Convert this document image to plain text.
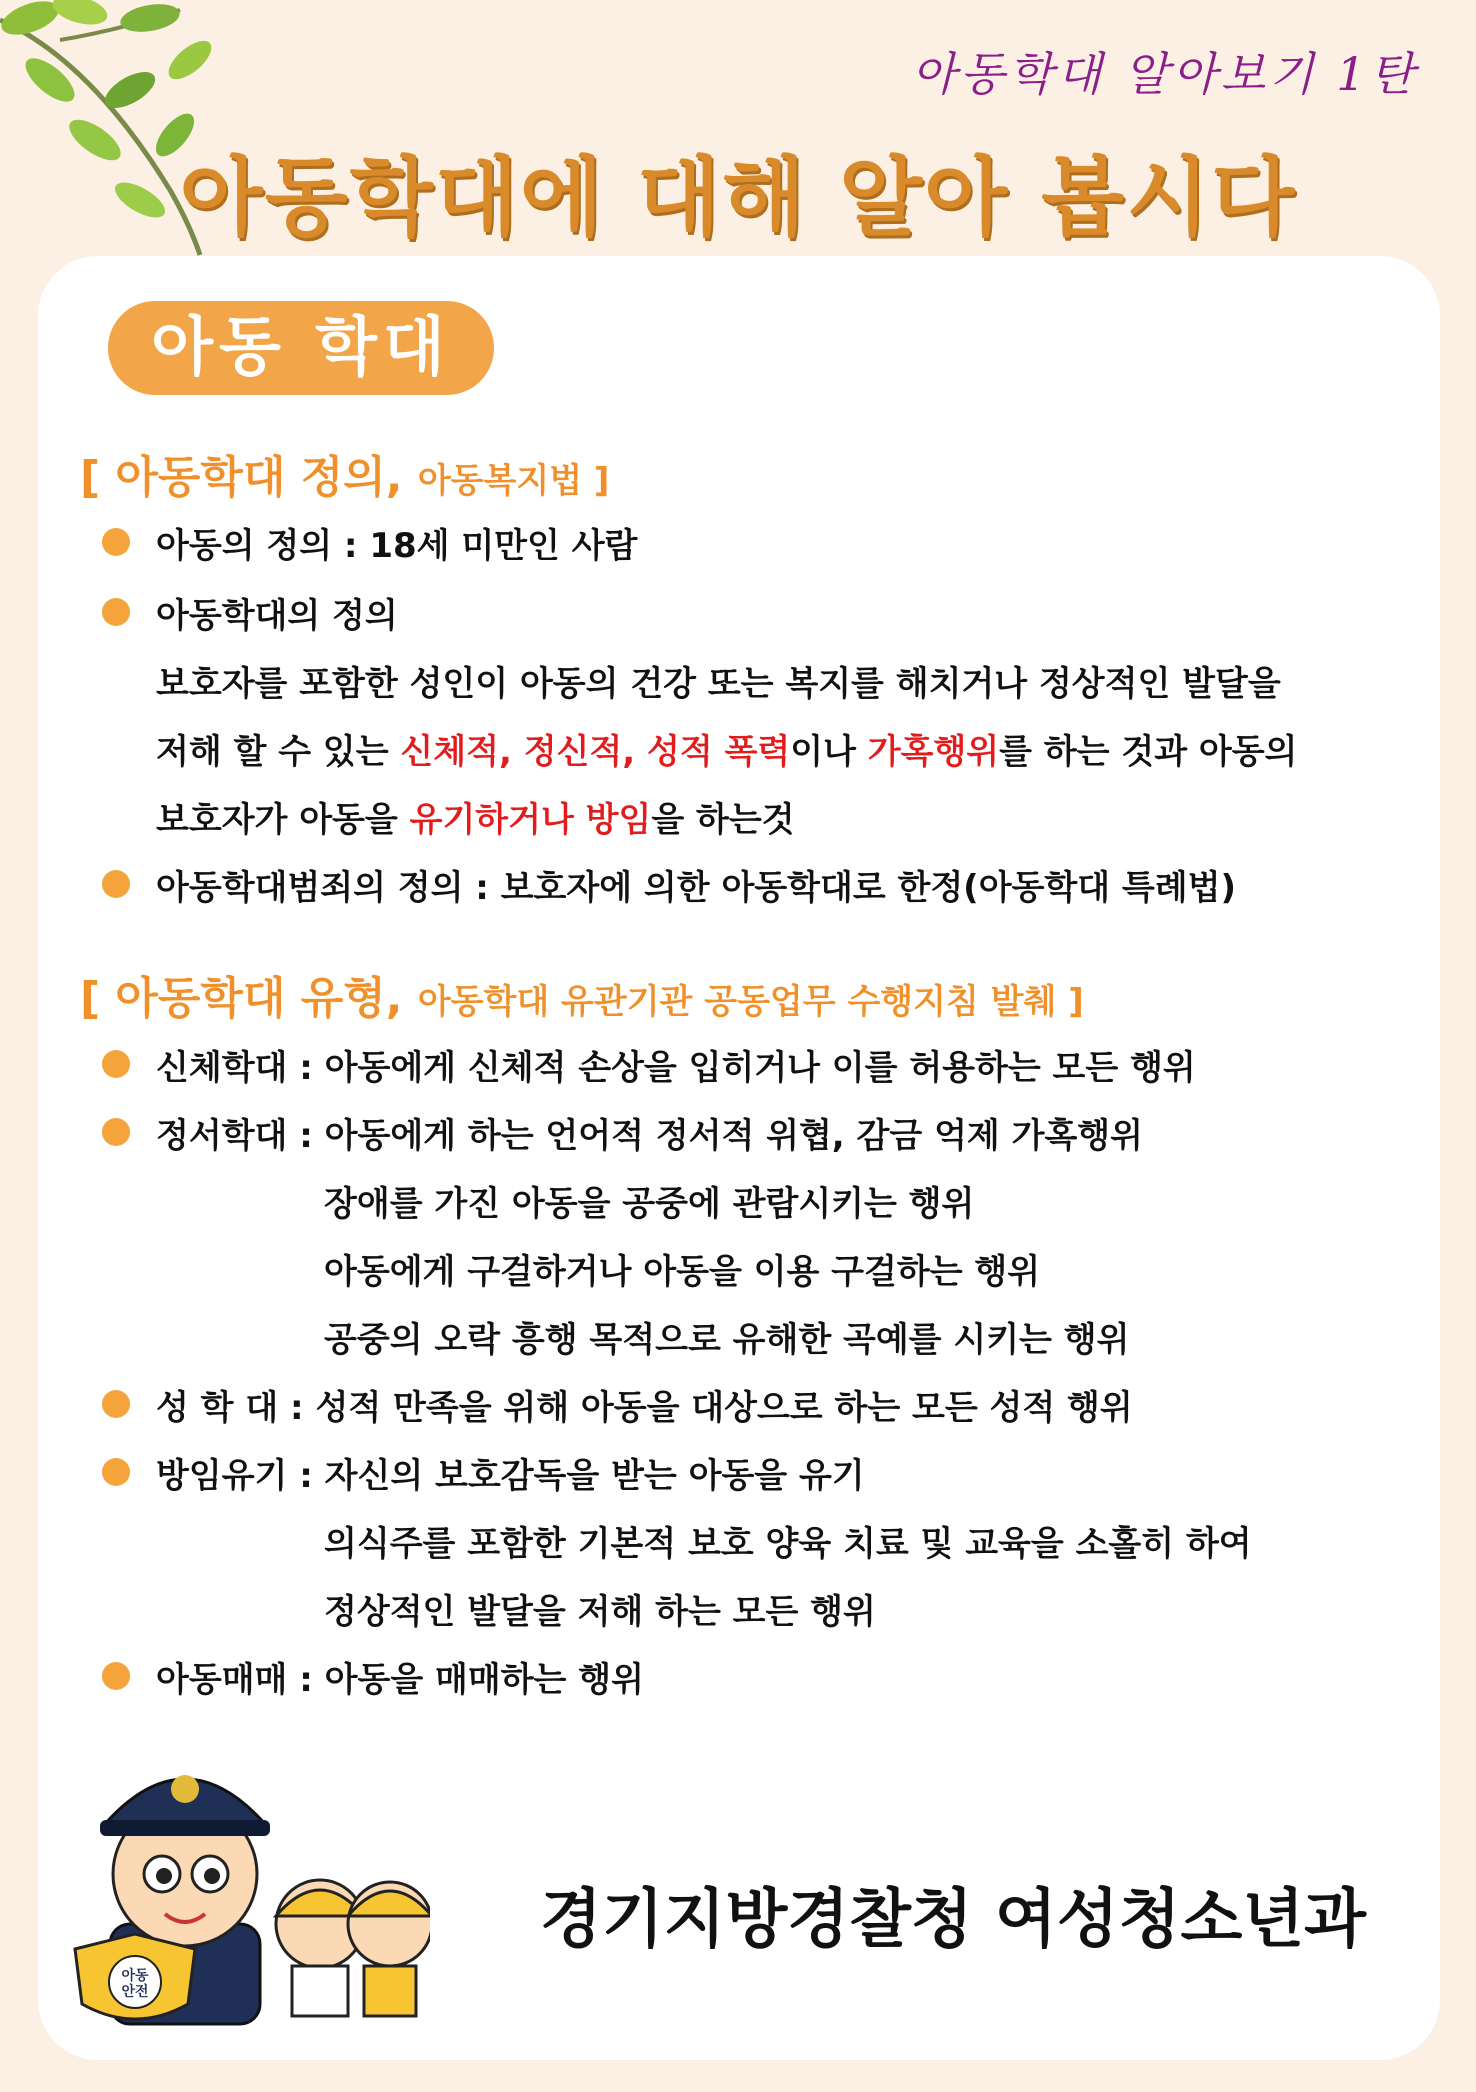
아동학대 알아보기 1탄
아동학대에 대해 알아 봅시다
아동 학대
[ 아동학대 정의, 아동복지법 ]
아동의 정의 : 18세 미만인 사람
아동학대의 정의
보호자를 포함한 성인이 아동의 건강 또는 복지를 해치거나 정상적인 발달을
저해 할 수 있는 신체적, 정신적, 성적 폭력이나 가혹행위를 하는 것과 아동의
보호자가 아동을 유기하거나 방임을 하는것
아동학대범죄의 정의 : 보호자에 의한 아동학대로 한정(아동학대 특례법)
[ 아동학대 유형, 아동학대 유관기관 공동업무 수행지침 발췌 ]
신체학대 : 아동에게 신체적 손상을 입히거나 이를 허용하는 모든 행위
정서학대 : 아동에게 하는 언어적 정서적 위협, 감금 억제 가혹행위
장애를 가진 아동을 공중에 관람시키는 행위
아동에게 구걸하거나 아동을 이용 구걸하는 행위
공중의 오락 흥행 목적으로 유해한 곡예를 시키는 행위
성 학 대 : 성적 만족을 위해 아동을 대상으로 하는 모든 성적 행위
방임유기 : 자신의 보호감독을 받는 아동을 유기
의식주를 포함한 기본적 보호 양육 치료 및 교육을 소홀히 하여
정상적인 발달을 저해 하는 모든 행위
아동매매 : 아동을 매매하는 행위
아동
안전
경기지방경찰청 여성청소년과
